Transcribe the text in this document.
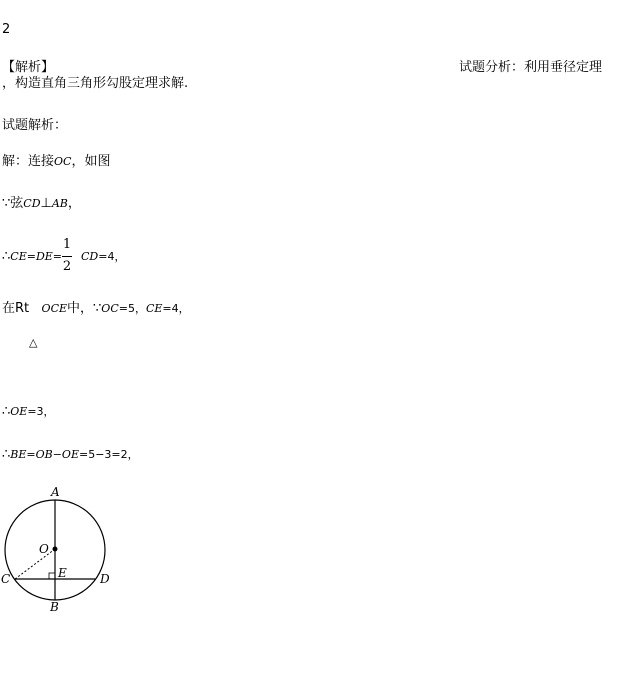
2
【解析】	试题分析：利用垂径定理
，构造直角三角形勾股定理求解.
试题解析：
解：连接OC，如图
∵弦CD⊥AB，
∴CE=DE=
1
2
CD=4，
在Rt OCE中，∵OC=5，CE=4，
△
∴OE=3，
∴BE=OB−OE=5−3=2，
A
O
C	E	D
B
